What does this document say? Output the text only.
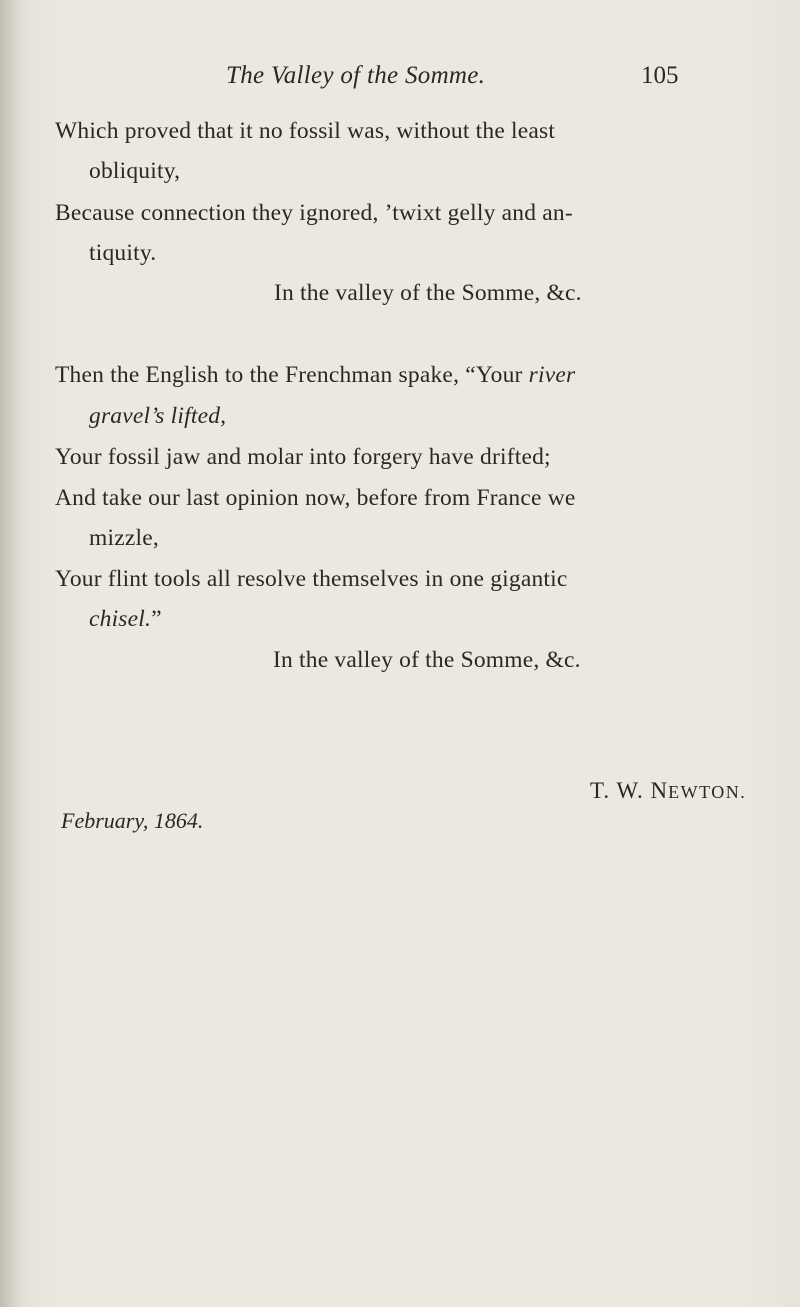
The Valley of the Somme.	105
Which proved that it no fossil was, without the least
obliquity,
Because connection they ignored, ’twixt gelly and an-
tiquity.
In the valley of the Somme, &c.
Then the English to the Frenchman spake, “Your river
gravel’s lifted,
Your fossil jaw and molar into forgery have drifted;
And take our last opinion now, before from France we
mizzle,
Your flint tools all resolve themselves in one gigantic
chisel.”
In the valley of the Somme, &c.
T. W. NEWTON.
February, 1864.
